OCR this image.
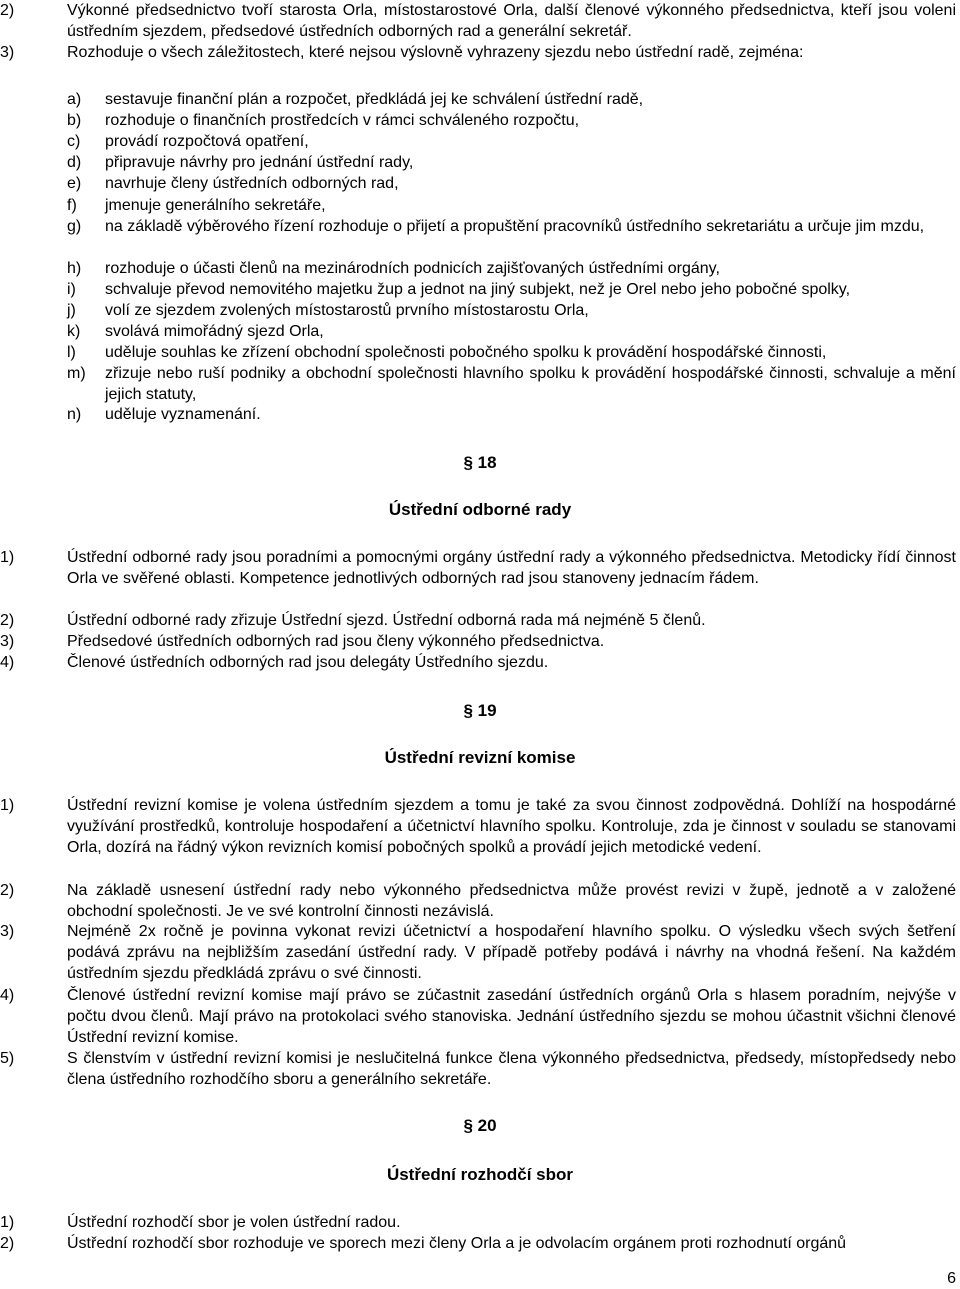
2)	Výkonné předsednictvo tvoří starosta Orla, místostarostové Orla, další členové výkonného předsednictva, kteří jsou voleni ústředním sjezdem, předsedové ústředních odborných rad a generální sekretář.
3)	Rozhoduje o všech záležitostech, které nejsou výslovně vyhrazeny sjezdu nebo ústřední radě, zejména:
a) sestavuje finanční plán a rozpočet, předkládá jej ke schválení ústřední radě,
b) rozhoduje o finančních prostředcích v rámci schváleného rozpočtu,
c) provádí rozpočtová opatření,
d) připravuje návrhy pro jednání ústřední rady,
e) navrhuje členy ústředních odborných rad,
f) jmenuje generálního sekretáře,
g) na základě výběrového řízení rozhoduje o přijetí a propuštění pracovníků ústředního sekretariátu a určuje jim mzdu,
h) rozhoduje o účasti členů na mezinárodních podnicích zajišťovaných ústředními orgány,
i) schvaluje převod nemovitého majetku žup a jednot na jiný subjekt, než je Orel nebo jeho pobočné spolky,
j) volí ze sjezdem zvolených místostarostů prvního místostarostu Orla,
k) svolává mimořádný sjezd Orla,
l) uděluje souhlas ke zřízení obchodní společnosti pobočného spolku k provádění hospodářské činnosti,
m) zřizuje nebo ruší podniky a obchodní společnosti hlavního spolku k provádění hospodářské činnosti, schvaluje a mění jejich statuty,
n) uděluje vyznamenání.
§ 18
Ústřední odborné rady
1)	Ústřední odborné rady jsou poradními a pomocnými orgány ústřední rady a výkonného předsednictva. Metodicky řídí činnost Orla ve svěřené oblasti. Kompetence jednotlivých odborných rad jsou stanoveny jednacím řádem.
2)	Ústřední odborné rady zřizuje Ústřední sjezd. Ústřední odborná rada má nejméně 5 členů.
3)	Předsedové ústředních odborných rad jsou členy výkonného předsednictva.
4)	Členové ústředních odborných rad jsou delegáty Ústředního sjezdu.
§ 19
Ústřední revizní komise
1)	Ústřední revizní komise je volena ústředním sjezdem a tomu je také za svou činnost zodpovědná. Dohlíží na hospodárné využívání prostředků, kontroluje hospodaření a účetnictví hlavního spolku. Kontroluje, zda je činnost v souladu se stanovami Orla, dozírá na řádný výkon revizních komisí pobočných spolků a provádí jejich metodické vedení.
2)	Na základě usnesení ústřední rady nebo výkonného předsednictva může provést revizi v župě, jednotě a v založené obchodní společnosti. Je ve své kontrolní činnosti nezávislá.
3)	Nejméně 2x ročně je povinna vykonat revizi účetnictví a hospodaření hlavního spolku. O výsledku všech svých šetření podává zprávu na nejbližším zasedání ústřední rady. V případě potřeby podává i návrhy na vhodná řešení. Na každém ústředním sjezdu předkládá zprávu o své činnosti.
4)	Členové ústřední revizní komise mají právo se zúčastnit zasedání ústředních orgánů Orla s hlasem poradním, nejvýše v počtu dvou členů. Mají právo na protokolaci svého stanoviska. Jednání ústředního sjezdu se mohou účastnit všichni členové Ústřední revizní komise.
5)	S členstvím v ústřední revizní komisi je neslučitelná funkce člena výkonného předsednictva, předsedy, místopředsedy nebo člena ústředního rozhodčího sboru a generálního sekretáře.
§ 20
Ústřední rozhodčí sbor
1)	Ústřední rozhodčí sbor je volen ústřední radou.
2)	Ústřední rozhodčí sbor rozhoduje ve sporech mezi členy Orla a je odvolacím orgánem proti rozhodnutí orgánů
6
